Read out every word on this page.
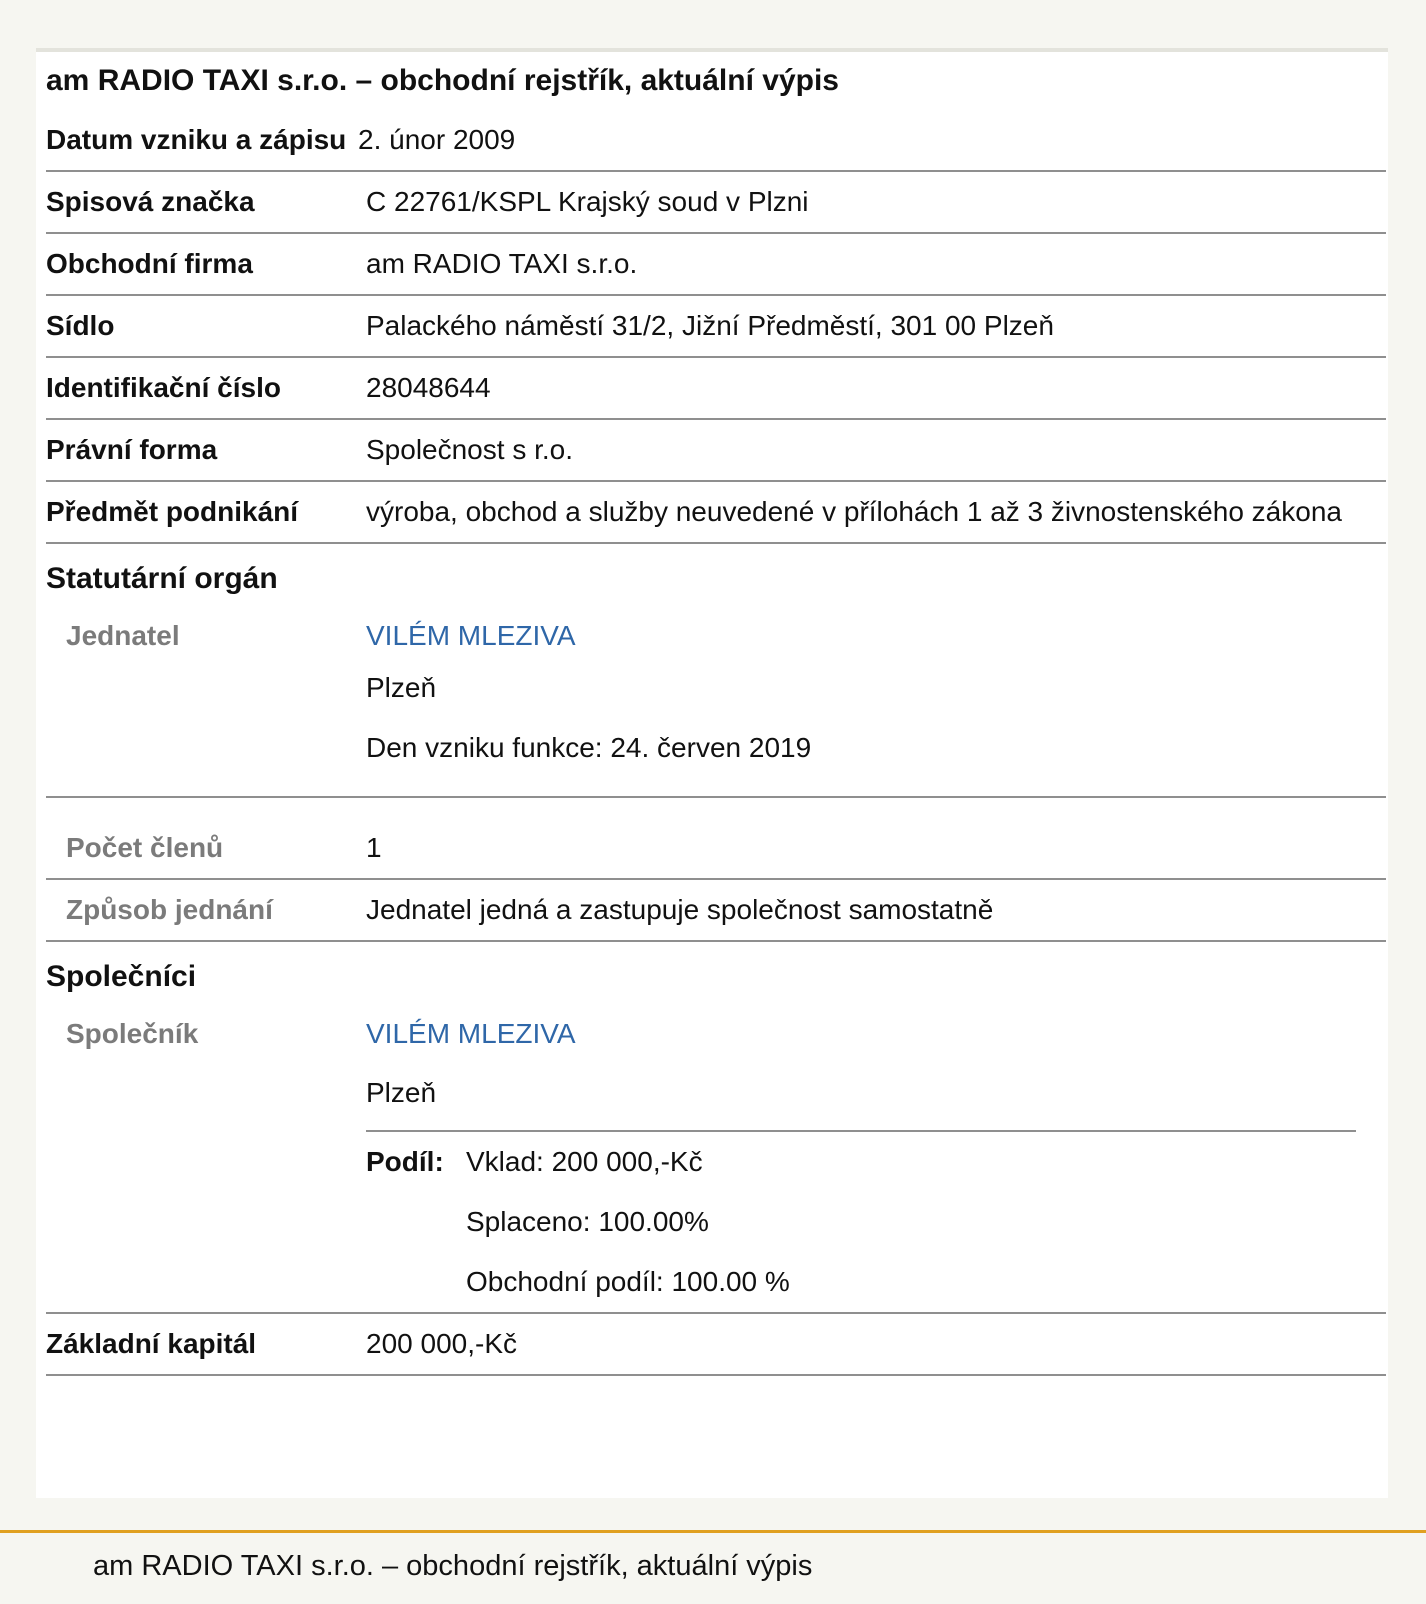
am RADIO TAXI s.r.o. – obchodní rejstřík, aktuální výpis
Datum vzniku a zápisu 2. únor 2009
Spisová značka	C 22761/KSPL Krajský soud v Plzni
Obchodní firma	am RADIO TAXI s.r.o.
Sídlo	Palackého náměstí 31/2, Jižní Předměstí, 301 00 Plzeň
Identifikační číslo	28048644
Právní forma	Společnost s r.o.
Předmět podnikání	výroba, obchod a služby neuvedené v přílohách 1 až 3 živnostenského zákona
Statutární orgán
Jednatel	VILÉM MLEZIVA
Plzeň
Den vzniku funkce: 24. červen 2019
Počet členů	1
Způsob jednání	Jednatel jedná a zastupuje společnost samostatně
Společníci
Společník	VILÉM MLEZIVA
Plzeň
Podíl: Vklad: 200 000,-Kč
Splaceno: 100.00%
Obchodní podíl: 100.00 %
Základní kapitál	200 000,-Kč
am RADIO TAXI s.r.o. – obchodní rejstřík, aktuální výpis
